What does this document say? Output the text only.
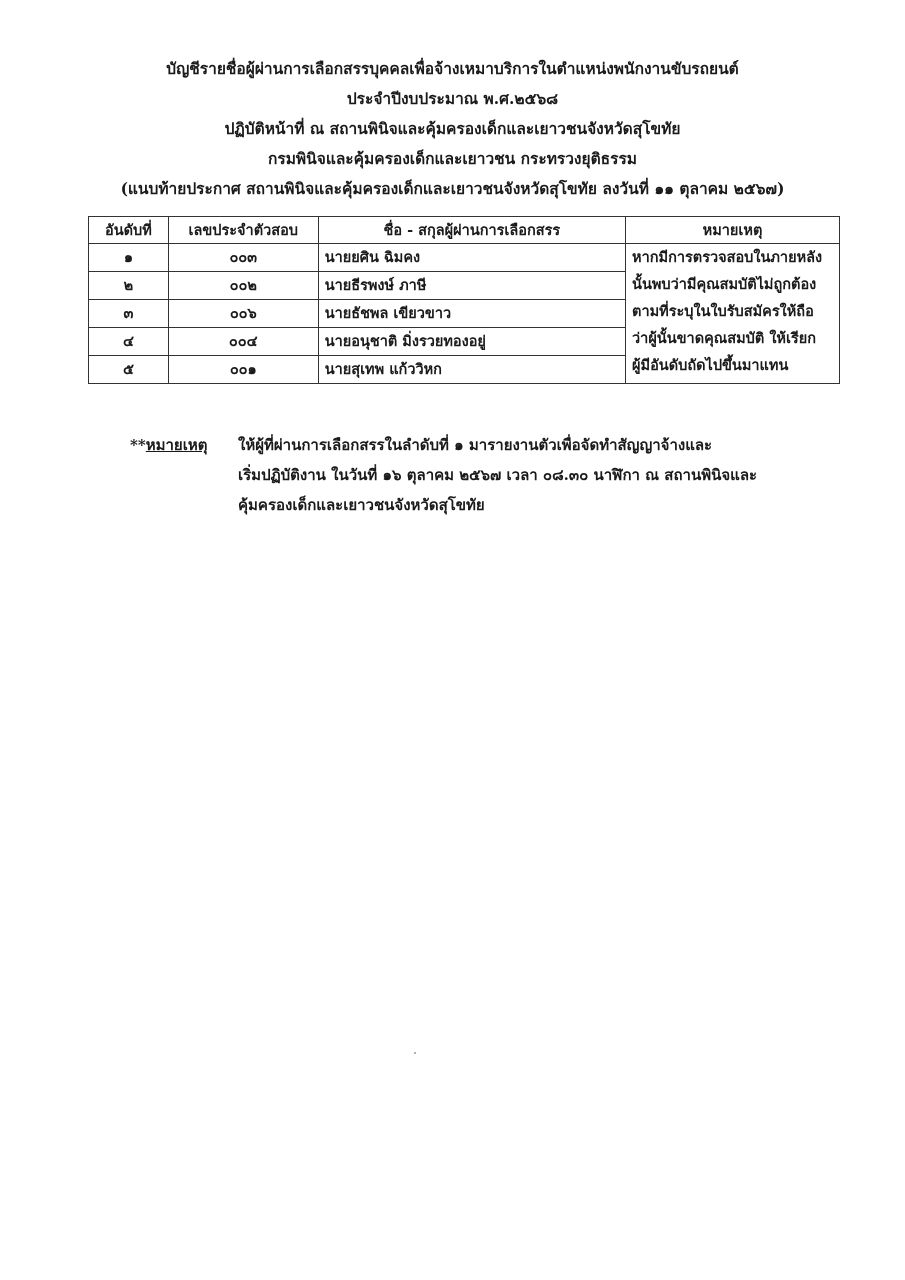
บัญชีรายชื่อผู้ผ่านการเลือกสรรบุคคลเพื่อจ้างเหมาบริการในตำแหน่งพนักงานขับรถยนต์
ประจำปีงบประมาณ พ.ศ.๒๕๖๘
ปฏิบัติหน้าที่ ณ สถานพินิจและคุ้มครองเด็กและเยาวชนจังหวัดสุโขทัย
กรมพินิจและคุ้มครองเด็กและเยาวชน กระทรวงยุติธรรม
(แนบท้ายประกาศ สถานพินิจและคุ้มครองเด็กและเยาวชนจังหวัดสุโขทัย ลงวันที่ ๑๑ ตุลาคม ๒๕๖๗)
อันดับที่	เลขประจำตัวสอบ	ชื่อ - สกุลผู้ผ่านการเลือกสรร	หมายเหตุ
๑	๐๐๓	นายยศิน ฉิมคง	หากมีการตรวจสอบในภายหลัง
นั้นพบว่ามีคุณสมบัติไม่ถูกต้อง
ตามที่ระบุในใบรับสมัครให้ถือ
ว่าผู้นั้นขาดคุณสมบัติ ให้เรียก
ผู้มีอันดับถัดไปขึ้นมาแทน

๒	๐๐๒	นายธีรพงษ์ ภาษี	
๓	๐๐๖	นายธัชพล เขียวขาว	
๔	๐๐๔	นายอนุชาติ มิ่งรวยทองอยู่	
๕	๐๐๑	นายสุเทพ แก้ววิหก	
**หมายเหตุ ให้ผู้ที่ผ่านการเลือกสรรในลำดับที่ ๑ มารายงานตัวเพื่อจัดทำสัญญาจ้างและ
เริ่มปฏิบัติงาน ในวันที่ ๑๖ ตุลาคม ๒๕๖๗ เวลา ๐๘.๓๐ นาฬิกา ณ สถานพินิจและ
คุ้มครองเด็กและเยาวชนจังหวัดสุโขทัย
